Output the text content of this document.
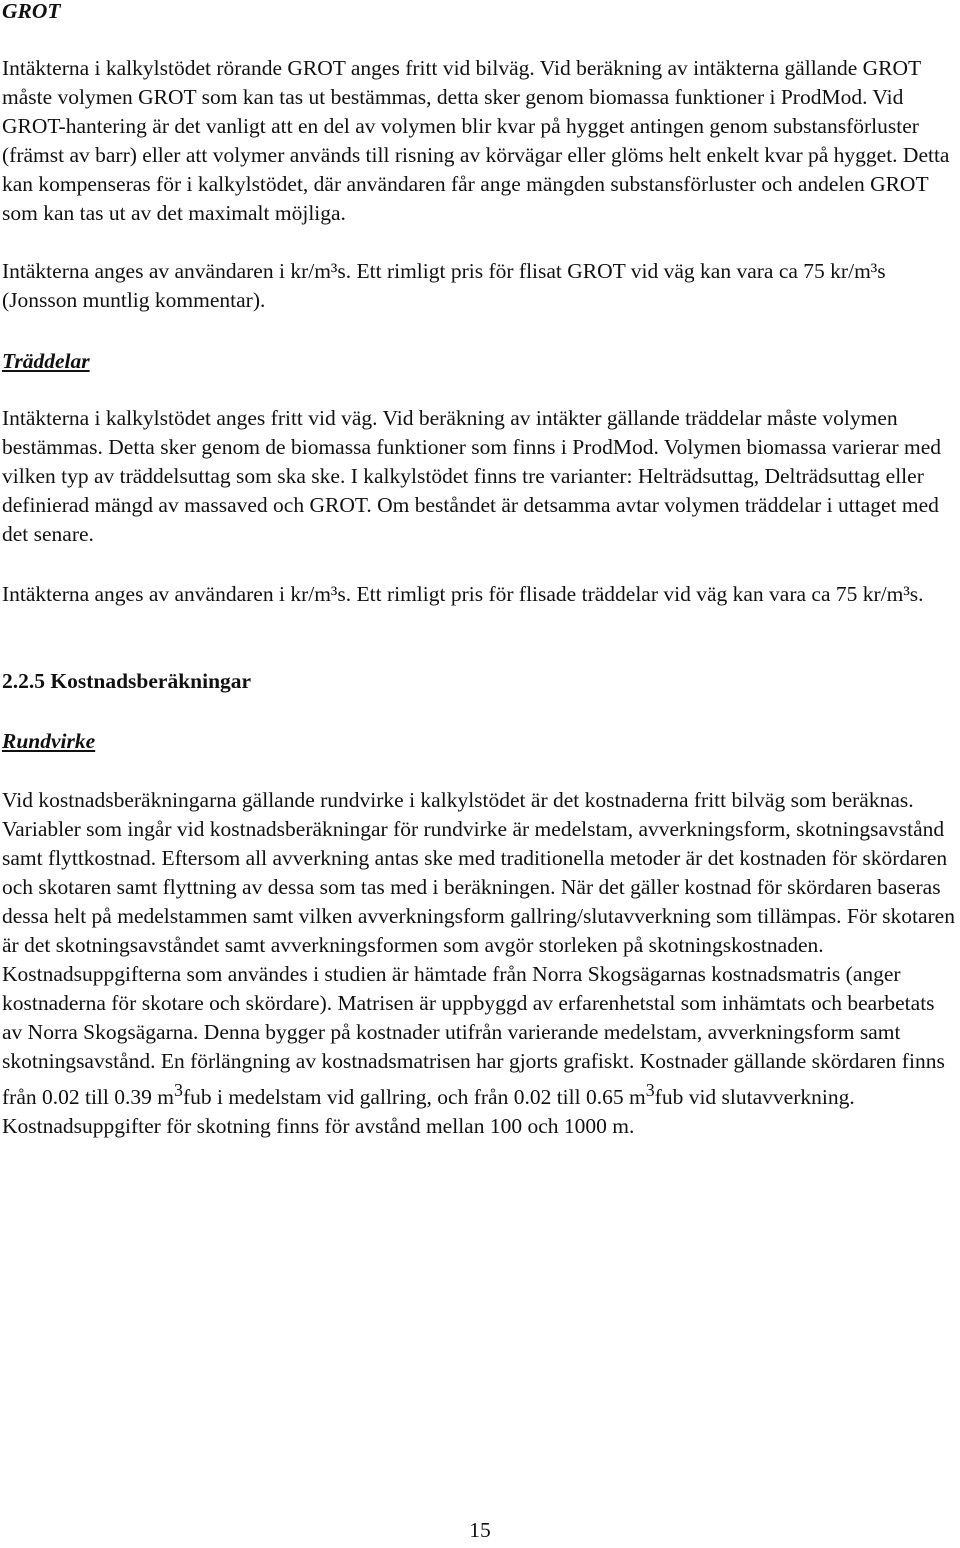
GROT

Intäkterna i kalkylstödet rörande GROT anges fritt vid bilväg. Vid beräkning av intäkterna gällande GROT måste volymen GROT som kan tas ut bestämmas, detta sker genom biomassa funktioner i ProdMod. Vid GROT-hantering är det vanligt att en del av volymen blir kvar på hygget antingen genom substansförluster (främst av barr) eller att volymer används till risning av körvägar eller glöms helt enkelt kvar på hygget. Detta kan kompenseras för i kalkylstödet, där användaren får ange mängden substansförluster och andelen GROT som kan tas ut av det maximalt möjliga.

Intäkterna anges av användaren i kr/m³s. Ett rimligt pris för flisat GROT vid väg kan vara ca 75 kr/m³s (Jonsson muntlig kommentar).

Träddelar

Intäkterna i kalkylstödet anges fritt vid väg. Vid beräkning av intäkter gällande träddelar måste volymen bestämmas. Detta sker genom de biomassa funktioner som finns i ProdMod. Volymen biomassa varierar med vilken typ av träddelsuttag som ska ske. I kalkylstödet finns tre varianter: Helträdsuttag, Delträdsuttag eller definierad mängd av massaved och GROT. Om beståndet är detsamma avtar volymen träddelar i uttaget med det senare.

Intäkterna anges av användaren i kr/m³s. Ett rimligt pris för flisade träddelar vid väg kan vara ca 75 kr/m³s.

2.2.5 Kostnadsberäkningar
Rundvirke

Vid kostnadsberäkningarna gällande rundvirke i kalkylstödet är det kostnaderna fritt bilväg som beräknas. Variabler som ingår vid kostnadsberäkningar för rundvirke är medelstam, avverkningsform, skotningsavstånd samt flyttkostnad. Eftersom all avverkning antas ske med traditionella metoder är det kostnaden för skördaren och skotaren samt flyttning av dessa som tas med i beräkningen. När det gäller kostnad för skördaren baseras dessa helt på medelstammen samt vilken avverkningsform gallring/slutavverkning som tillämpas. För skotaren är det skotningsavståndet samt avverkningsformen som avgör storleken på skotningskostnaden. Kostnadsuppgifterna som användes i studien är hämtade från Norra Skogsägarnas kostnadsmatris (anger kostnaderna för skotare och skördare). Matrisen är uppbyggd av erfarenhetstal som inhämtats och bearbetats av Norra Skogsägarna. Denna bygger på kostnader utifrån varierande medelstam, avverkningsform samt skotningsavstånd. En förlängning av kostnadsmatrisen har gjorts grafiskt. Kostnader gällande skördaren finns från 0.02 till 0.39 $m^3fub$ i medelstam vid gallring, och från 0.02 till 0.65 $m^3fub$ vid slutavverkning. Kostnadsuppgifter för skotning finns för avstånd mellan 100 och 1000 m.

15
